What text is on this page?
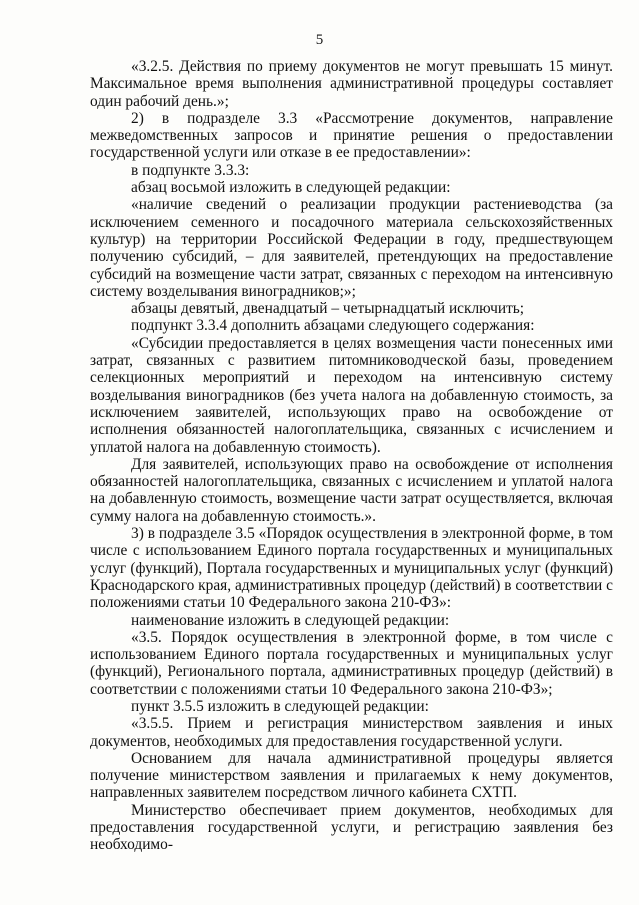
5

«3.2.5. Действия по приему документов не могут превышать 15 минут. Максимальное время выполнения административной процедуры составляет один рабочий день.»;

2) в подразделе 3.3 «Рассмотрение документов, направление межведомственных запросов и принятие решения о предоставлении государственной услуги или отказе в ее предоставлении»:

в подпункте 3.3.3:

абзац восьмой изложить в следующей редакции:

«наличие сведений о реализации продукции растениеводства (за исключением семенного и посадочного материала сельскохозяйственных культур) на территории Российской Федерации в году, предшествующем получению субсидий, – для заявителей, претендующих на предоставление субсидий на возмещение части затрат, связанных с переходом на интенсивную систему возделывания виноградников;»;

абзацы девятый, двенадцатый – четырнадцатый исключить;

подпункт 3.3.4 дополнить абзацами следующего содержания:

«Субсидии предоставляется в целях возмещения части понесенных ими затрат, связанных с развитием питомниководческой базы, проведением селекционных мероприятий и переходом на интенсивную систему возделывания виноградников (без учета налога на добавленную стоимость, за исключением заявителей, использующих право на освобождение от исполнения обязанностей налогоплательщика, связанных с исчислением и уплатой налога на добавленную стоимость).

Для заявителей, использующих право на освобождение от исполнения обязанностей налогоплательщика, связанных с исчислением и уплатой налога на добавленную стоимость, возмещение части затрат осуществляется, включая сумму налога на добавленную стоимость.».

3) в подразделе 3.5 «Порядок осуществления в электронной форме, в том числе с использованием Единого портала государственных и муниципальных услуг (функций), Портала государственных и муниципальных услуг (функций) Краснодарского края, административных процедур (действий) в соответствии с положениями статьи 10 Федерального закона 210-ФЗ»:

наименование изложить в следующей редакции:

«3.5. Порядок осуществления в электронной форме, в том числе с использованием Единого портала государственных и муниципальных услуг (функций), Регионального портала, административных процедур (действий) в соответствии с положениями статьи 10 Федерального закона 210-ФЗ»;

пункт 3.5.5 изложить в следующей редакции:

«3.5.5. Прием и регистрация министерством заявления и иных документов, необходимых для предоставления государственной услуги.

Основанием для начала административной процедуры является получение министерством заявления и прилагаемых к нему документов, направленных заявителем посредством личного кабинета СХТП.

Министерство обеспечивает прием документов, необходимых для предоставления государственной услуги, и регистрацию заявления без необходимо-
